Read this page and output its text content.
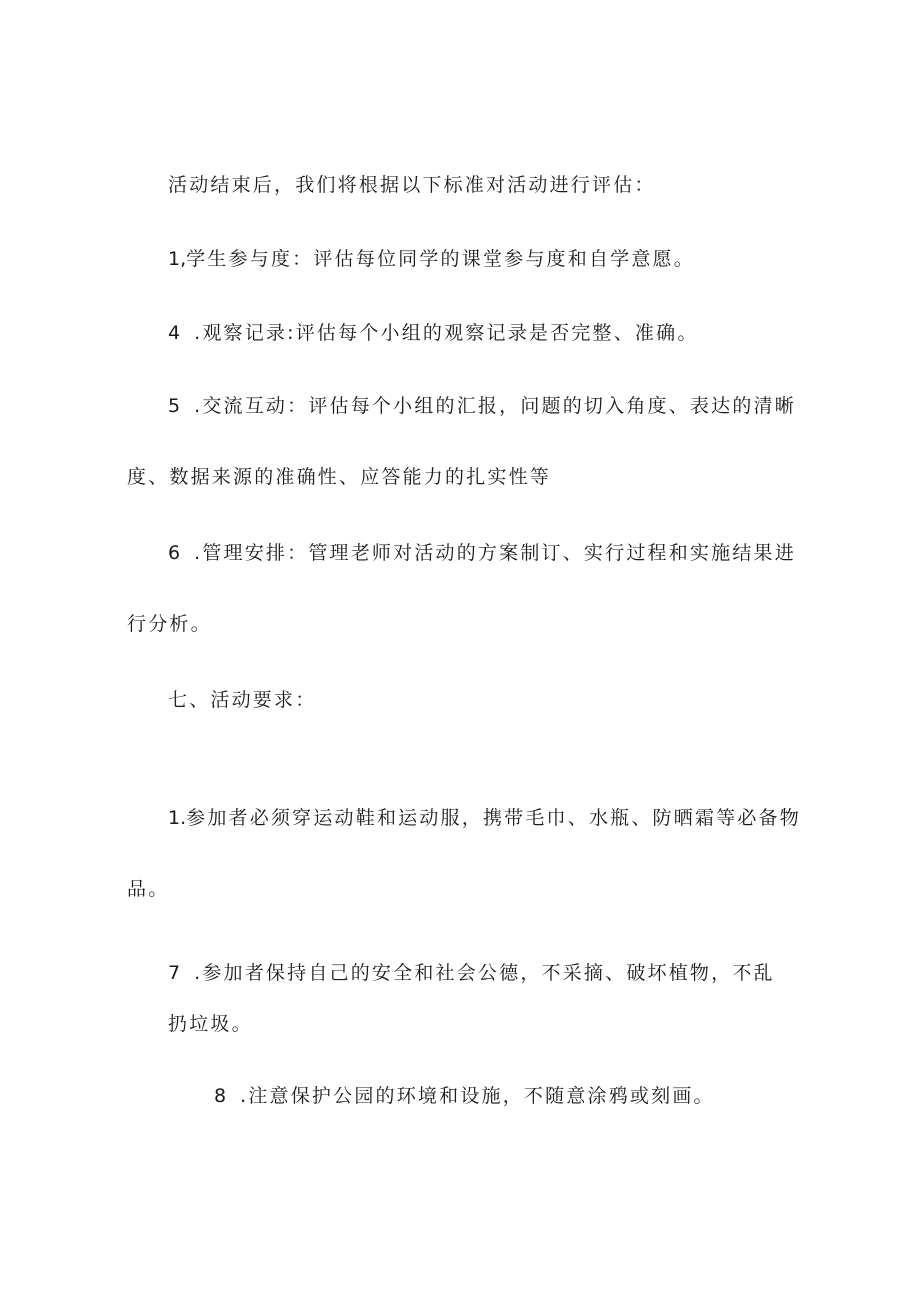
活动结束后，我们将根据以下标准对活动进行评估：
1,学生参与度：评估每位同学的课堂参与度和自学意愿。
4 .观察记录:评估每个小组的观察记录是否完整、准确。
5 .交流互动：评估每个小组的汇报，问题的切入角度、表达的清晰
度、数据来源的准确性、应答能力的扎实性等
6 .管理安排：管理老师对活动的方案制订、实行过程和实施结果进
行分析。
七、活动要求：
1.参加者必须穿运动鞋和运动服，携带毛巾、水瓶、防晒霜等必备物
品。
7 .参加者保持自己的安全和社会公德，不采摘、破坏植物，不乱
扔垃圾。
8 .注意保护公园的环境和设施，不随意涂鸦或刻画。
